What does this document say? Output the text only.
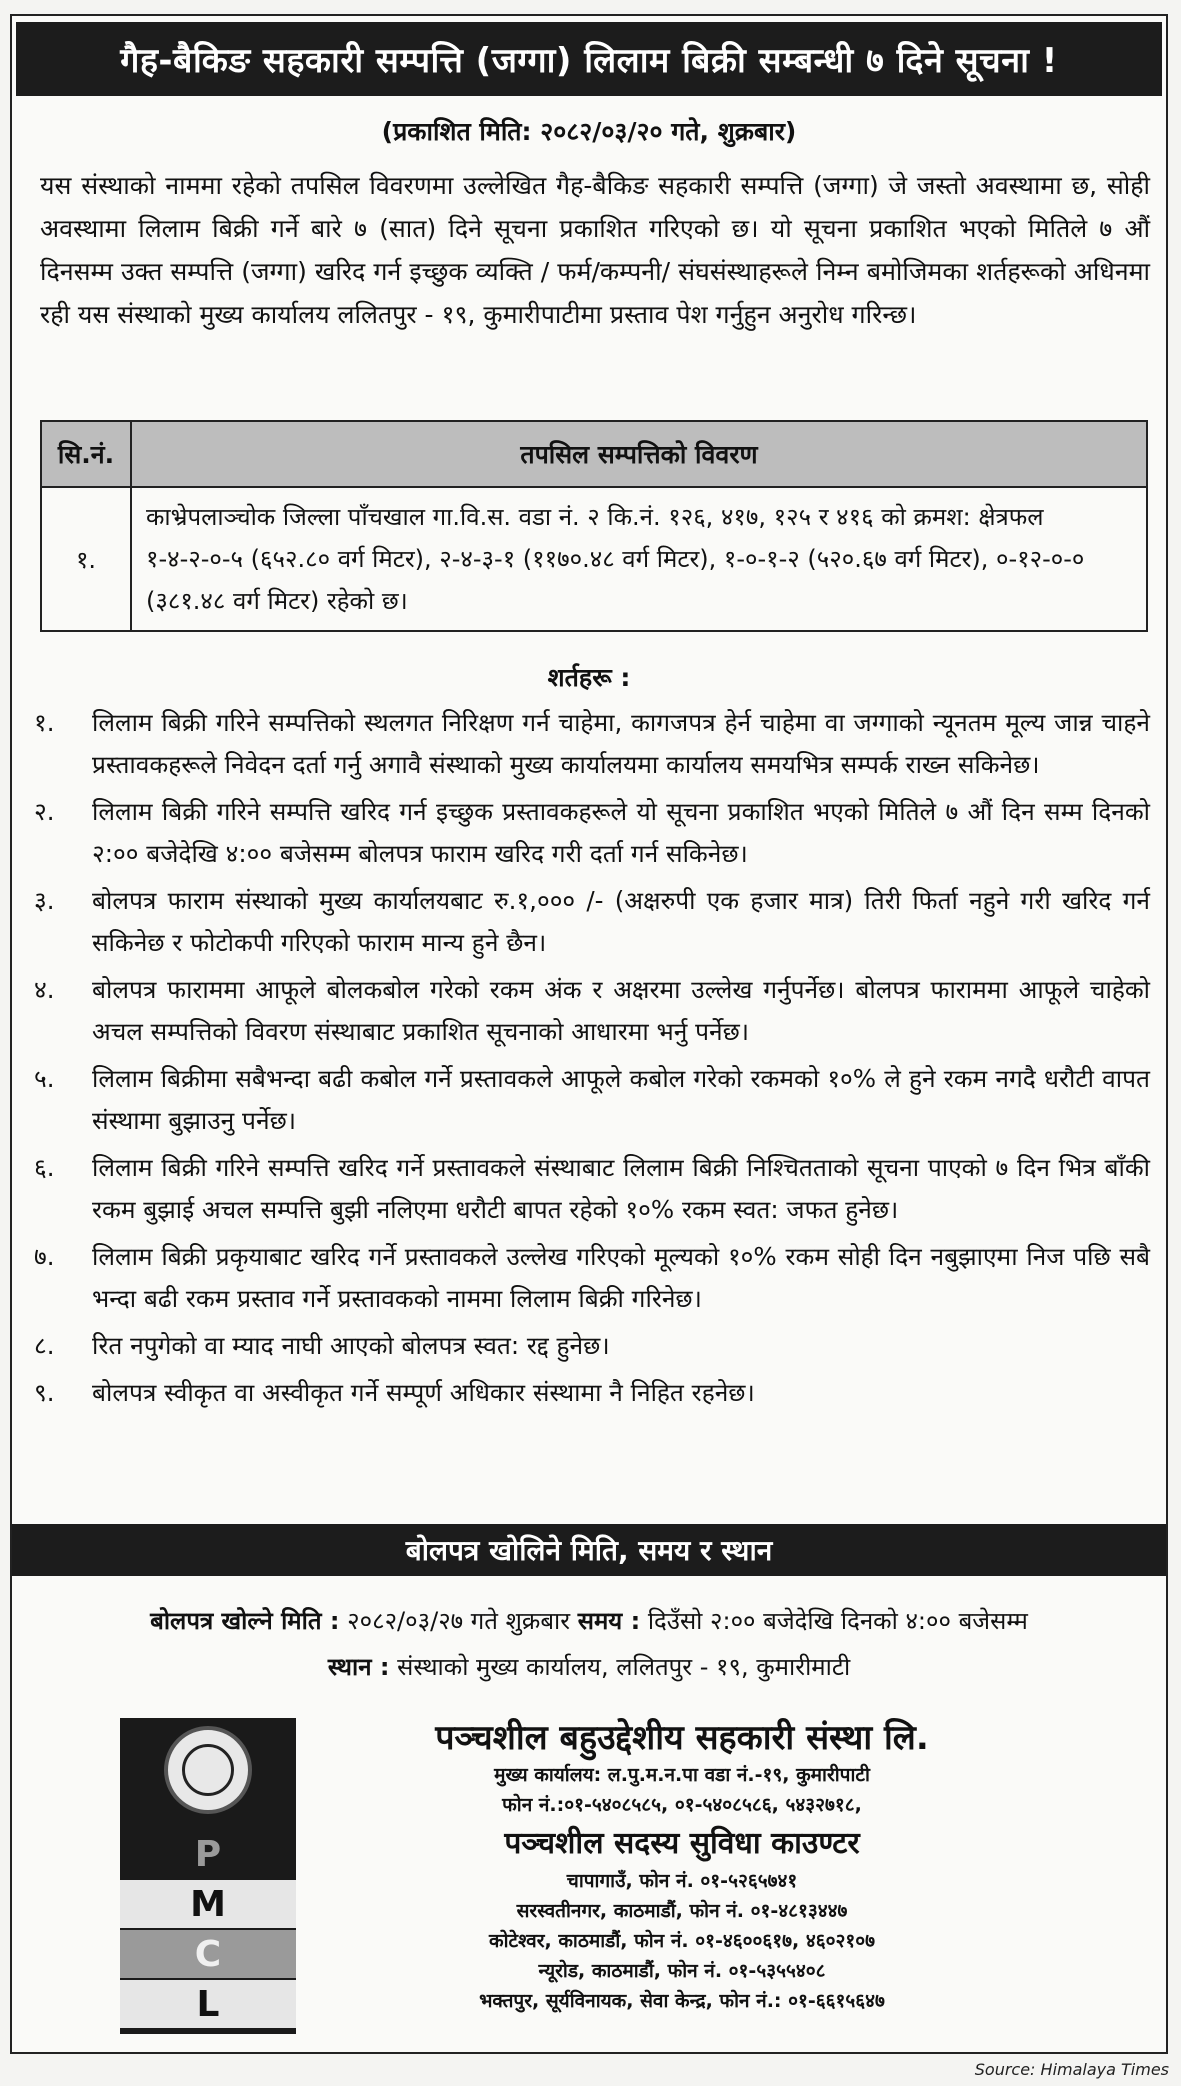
गैह-बैकिङ सहकारी सम्पत्ति (जग्गा) लिलाम बिक्री सम्बन्धी ७ दिने सूचना !
(प्रकाशित मिति: २०८२/०३/२० गते, शुक्रबार)
यस संस्थाको नाममा रहेको तपसिल विवरणमा उल्लेखित गैह-बैकिङ सहकारी सम्पत्ति (जग्गा) जे जस्तो अवस्थामा छ, सोही अवस्थामा लिलाम बिक्री गर्ने बारे ७ (सात) दिने सूचना प्रकाशित गरिएको छ। यो सूचना प्रकाशित भएको मितिले ७ औं दिनसम्म उक्त सम्पत्ति (जग्गा) खरिद गर्न इच्छुक व्यक्ति / फर्म/कम्पनी/ संघसंस्थाहरूले निम्न बमोजिमका शर्तहरूको अधिनमा रही यस संस्थाको मुख्य कार्यालय ललितपुर - १९, कुमारीपाटीमा प्रस्ताव पेश गर्नुहुन अनुरोध गरिन्छ।
सि.नं.	तपसिल सम्पत्तिको विवरण
१.	काभ्रेपलाञ्चोक जिल्ला पाँचखाल गा.वि.स. वडा नं. २ कि.नं. १२६, ४१७, १२५ र ४१६ को क्रमश: क्षेत्रफल १-४-२-०-५ (६५२.८० वर्ग मिटर), २-४-३-१ (११७०.४८ वर्ग मिटर), १-०-१-२ (५२०.६७ वर्ग मिटर), ०-१२-०-० (३८१.४८ वर्ग मिटर) रहेको छ।
शर्तहरू :
१.	लिलाम बिक्री गरिने सम्पत्तिको स्थलगत निरिक्षण गर्न चाहेमा, कागजपत्र हेर्न चाहेमा वा जग्गाको न्यूनतम मूल्य जान्न चाहने प्रस्तावकहरूले निवेदन दर्ता गर्नु अगावै संस्थाको मुख्य कार्यालयमा कार्यालय समयभित्र सम्पर्क राख्न सकिनेछ।
२.	लिलाम बिक्री गरिने सम्पत्ति खरिद गर्न इच्छुक प्रस्तावकहरूले यो सूचना प्रकाशित भएको मितिले ७ औं दिन सम्म दिनको २:०० बजेदेखि ४:०० बजेसम्म बोलपत्र फाराम खरिद गरी दर्ता गर्न सकिनेछ।
३.	बोलपत्र फाराम संस्थाको मुख्य कार्यालयबाट रु.१,००० /- (अक्षरुपी एक हजार मात्र) तिरी फिर्ता नहुने गरी खरिद गर्न सकिनेछ र फोटोकपी गरिएको फाराम मान्य हुने छैन।
४.	बोलपत्र फाराममा आफूले बोलकबोल गरेको रकम अंक र अक्षरमा उल्लेख गर्नुपर्नेछ। बोलपत्र फाराममा आफूले चाहेको अचल सम्पत्तिको विवरण संस्थाबाट प्रकाशित सूचनाको आधारमा भर्नु पर्नेछ।
५.	लिलाम बिक्रीमा सबैभन्दा बढी कबोल गर्ने प्रस्तावकले आफूले कबोल गरेको रकमको १०% ले हुने रकम नगदै धरौटी वापत संस्थामा बुझाउनु पर्नेछ।
६.	लिलाम बिक्री गरिने सम्पत्ति खरिद गर्ने प्रस्तावकले संस्थाबाट लिलाम बिक्री निश्चितताको सूचना पाएको ७ दिन भित्र बाँकी रकम बुझाई अचल सम्पत्ति बुझी नलिएमा धरौटी बापत रहेको १०% रकम स्वत: जफत हुनेछ।
७.	लिलाम बिक्री प्रकृयाबाट खरिद गर्ने प्रस्तावकले उल्लेख गरिएको मूल्यको १०% रकम सोही दिन नबुझाएमा निज पछि सबै भन्दा बढी रकम प्रस्ताव गर्ने प्रस्तावकको नाममा लिलाम बिक्री गरिनेछ।
८.	रित नपुगेको वा म्याद नाघी आएको बोलपत्र स्वत: रद्द हुनेछ।
९.	बोलपत्र स्वीकृत वा अस्वीकृत गर्ने सम्पूर्ण अधिकार संस्थामा नै निहित रहनेछ।
बोलपत्र खोलिने मिति, समय र स्थान
बोलपत्र खोल्ने मिति : २०८२/०३/२७ गते शुक्रबार समय : दिउँसो २:०० बजेदेखि दिनको ४:०० बजेसम्म
स्थान : संस्थाको मुख्य कार्यालय, ललितपुर - १९, कुमारीमाटी
P
M
C
L
पञ्चशील बहुउद्देशीय सहकारी संस्था लि.
मुख्य कार्यालय: ल.पु.म.न.पा वडा नं.-१९, कुमारीपाटी
फोन नं.:०१-५४०८५८५, ०१-५४०८५८६, ५४३२७१८,
पञ्चशील सदस्य सुविधा काउण्टर
चापागाउँ, फोन नं. ०१-५२६५७४१
सरस्वतीनगर, काठमाडौं, फोन नं. ०१-४८१३४४७
कोटेश्वर, काठमाडौं, फोन नं. ०१-४६००६१७, ४६०२१०७
न्यूरोड, काठमाडौं, फोन नं. ०१-५३५५४०८
भक्तपुर, सूर्यविनायक, सेवा केन्द्र, फोन नं.: ०१-६६१५६४७
Source: Himalaya Times
